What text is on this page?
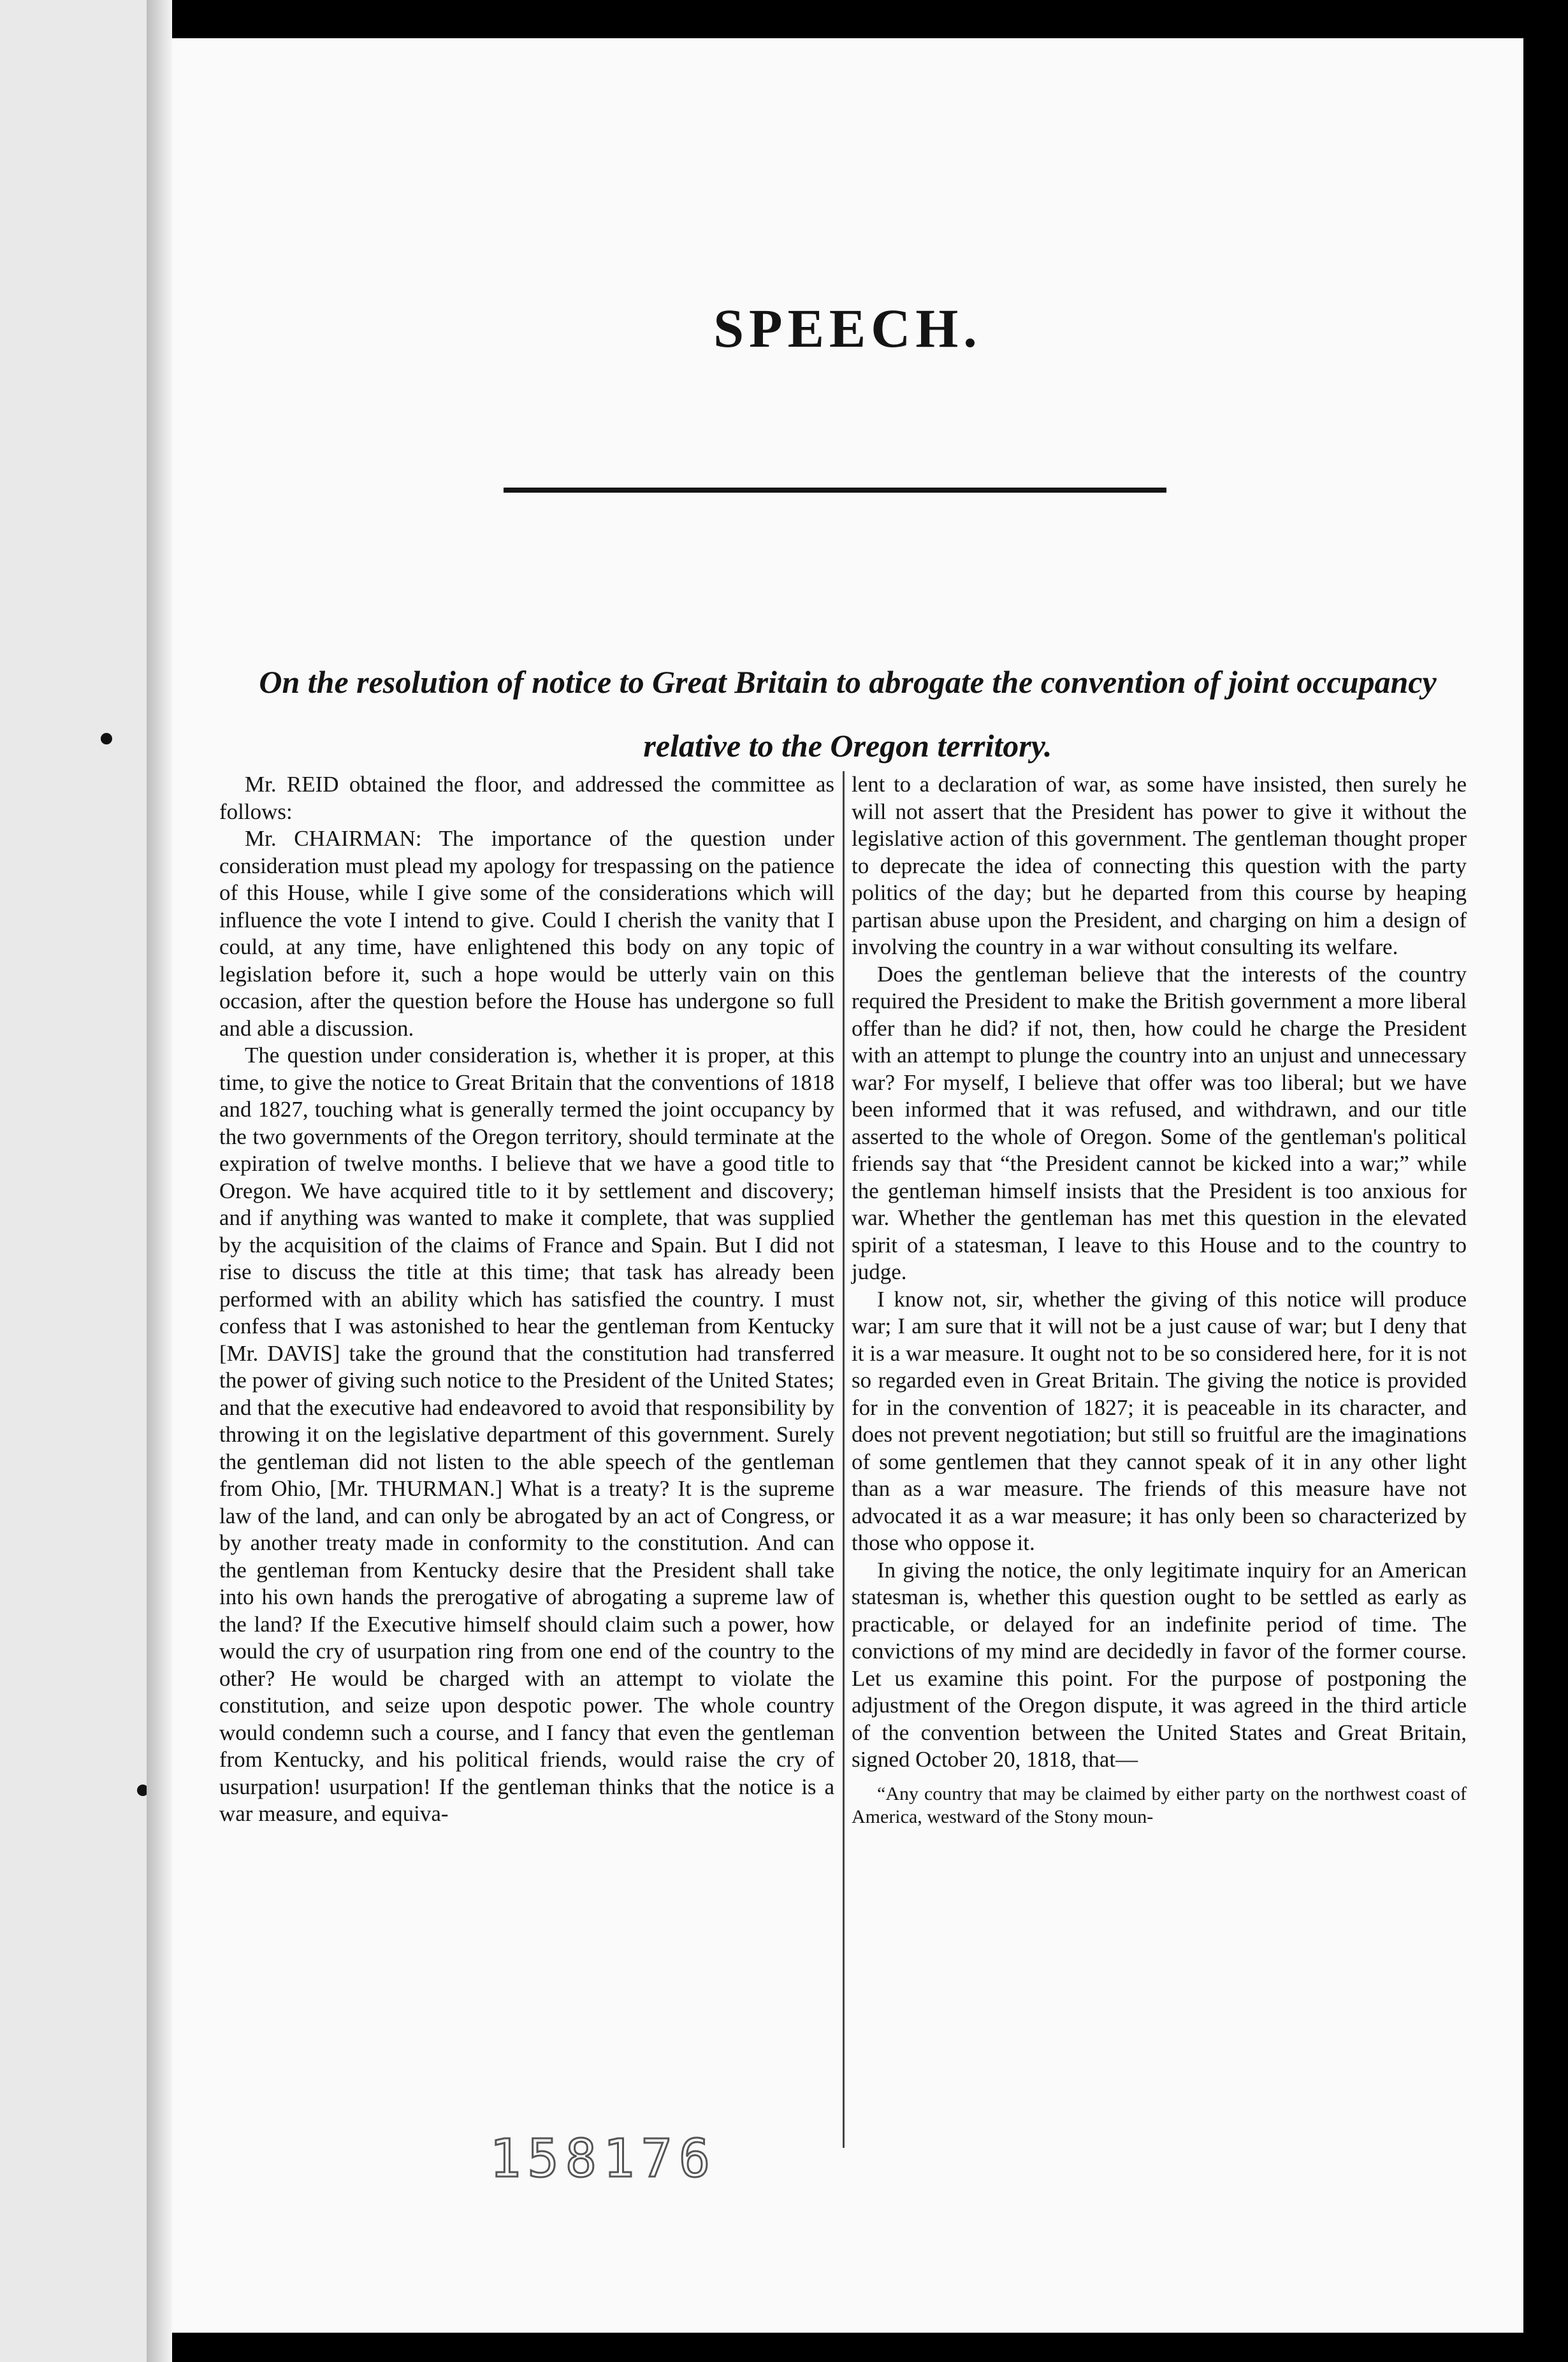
SPEECH.

On the resolution of notice to Great Britain to abrogate the convention of joint occupancy relative to the Oregon territory.

Mr. REID obtained the floor, and addressed the committee as follows:

Mr. CHAIRMAN: The importance of the question under consideration must plead my apology for trespassing on the patience of this House, while I give some of the considerations which will influence the vote I intend to give. Could I cherish the vanity that I could, at any time, have enlightened this body on any topic of legislation before it, such a hope would be utterly vain on this occasion, after the question before the House has undergone so full and able a discussion.

The question under consideration is, whether it is proper, at this time, to give the notice to Great Britain that the conventions of 1818 and 1827, touching what is generally termed the joint occupancy by the two governments of the Oregon territory, should terminate at the expiration of twelve months. I believe that we have a good title to Oregon. We have acquired title to it by settlement and discovery; and if anything was wanted to make it complete, that was supplied by the acquisition of the claims of France and Spain. But I did not rise to discuss the title at this time; that task has already been performed with an ability which has satisfied the country. I must confess that I was astonished to hear the gentleman from Kentucky [Mr. DAVIS] take the ground that the constitution had transferred the power of giving such notice to the President of the United States; and that the executive had endeavored to avoid that responsibility by throwing it on the legislative department of this government. Surely the gentleman did not listen to the able speech of the gentleman from Ohio, [Mr. THURMAN.] What is a treaty? It is the supreme law of the land, and can only be abrogated by an act of Congress, or by another treaty made in conformity to the constitution. And can the gentleman from Kentucky desire that the President shall take into his own hands the prerogative of abrogating a supreme law of the land? If the Executive himself should claim such a power, how would the cry of usurpation ring from one end of the country to the other? He would be charged with an attempt to violate the constitution, and seize upon despotic power. The whole country would condemn such a course, and I fancy that even the gentleman from Kentucky, and his political friends, would raise the cry of usurpation! usurpation! If the gentleman thinks that the notice is a war measure, and equiva-

lent to a declaration of war, as some have insisted, then surely he will not assert that the President has power to give it without the legislative action of this government. The gentleman thought proper to deprecate the idea of connecting this question with the party politics of the day; but he departed from this course by heaping partisan abuse upon the President, and charging on him a design of involving the country in a war without consulting its welfare.

Does the gentleman believe that the interests of the country required the President to make the British government a more liberal offer than he did? if not, then, how could he charge the President with an attempt to plunge the country into an unjust and unnecessary war? For myself, I believe that offer was too liberal; but we have been informed that it was refused, and withdrawn, and our title asserted to the whole of Oregon. Some of the gentleman's political friends say that “the President cannot be kicked into a war;” while the gentleman himself insists that the President is too anxious for war. Whether the gentleman has met this question in the elevated spirit of a statesman, I leave to this House and to the country to judge.

I know not, sir, whether the giving of this notice will produce war; I am sure that it will not be a just cause of war; but I deny that it is a war measure. It ought not to be so considered here, for it is not so regarded even in Great Britain. The giving the notice is provided for in the convention of 1827; it is peaceable in its character, and does not prevent negotiation; but still so fruitful are the imaginations of some gentlemen that they cannot speak of it in any other light than as a war measure. The friends of this measure have not advocated it as a war measure; it has only been so characterized by those who oppose it.

In giving the notice, the only legitimate inquiry for an American statesman is, whether this question ought to be settled as early as practicable, or delayed for an indefinite period of time. The convictions of my mind are decidedly in favor of the former course. Let us examine this point. For the purpose of postponing the adjustment of the Oregon dispute, it was agreed in the third article of the convention between the United States and Great Britain, signed October 20, 1818, that—

“Any country that may be claimed by either party on the northwest coast of America, westward of the Stony moun-

158176
